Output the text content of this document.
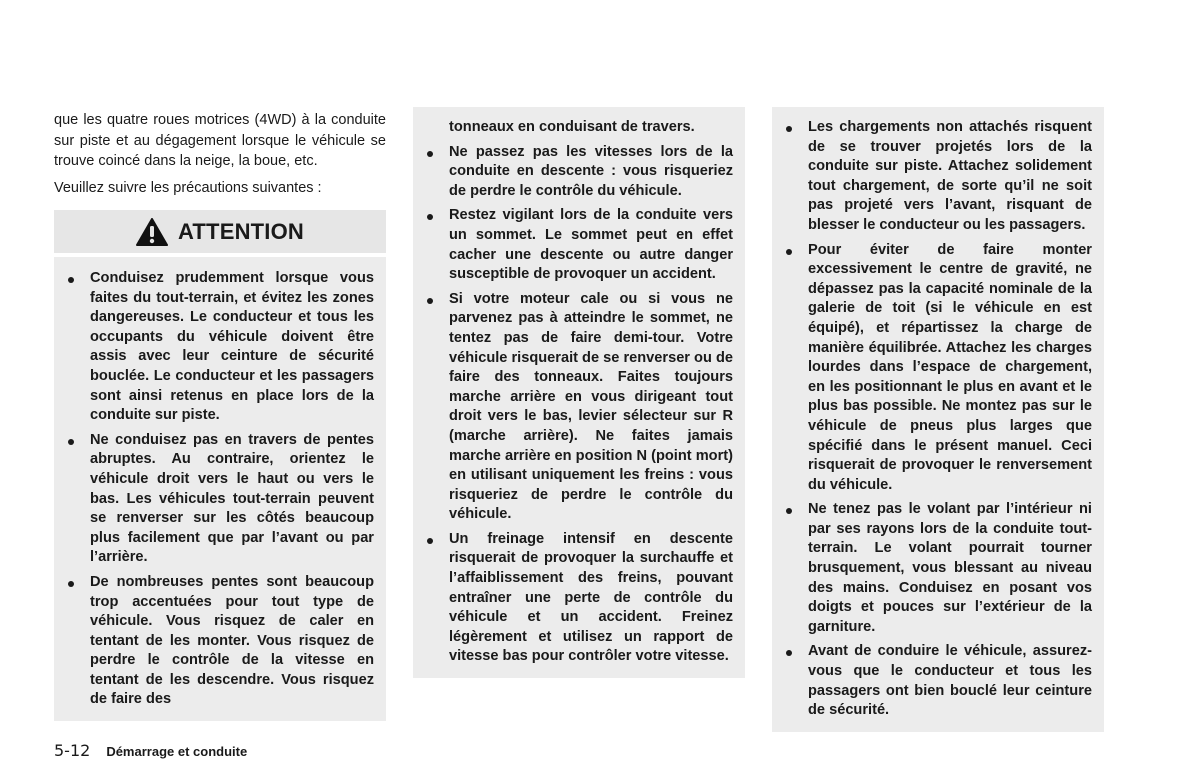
que les quatre roues motrices (4WD) à la conduite sur piste et au dégagement lorsque le véhicule se trouve coincé dans la neige, la boue, etc.

Veuillez suivre les précautions suivantes :

ATTENTION
Conduisez prudemment lorsque vous faites du tout-terrain, et évitez les zones dangereuses. Le conducteur et tous les occupants du véhicule doivent être assis avec leur ceinture de sécurité bouclée. Le conducteur et les passagers sont ainsi retenus en place lors de la conduite sur piste.
Ne conduisez pas en travers de pentes abruptes. Au contraire, orientez le véhicule droit vers le haut ou vers le bas. Les véhicules tout-terrain peuvent se renverser sur les côtés beaucoup plus facilement que par l’avant ou par l’arrière.
De nombreuses pentes sont beaucoup trop accentuées pour tout type de véhicule. Vous risquez de caler en tentant de les monter. Vous risquez de perdre le contrôle de la vitesse en tentant de les descendre. Vous risquez de faire des
5-12 Démarrage et conduite
tonneaux en conduisant de travers.
Ne passez pas les vitesses lors de la conduite en descente : vous risqueriez de perdre le contrôle du véhicule.
Restez vigilant lors de la conduite vers un sommet. Le sommet peut en effet cacher une descente ou autre danger susceptible de provoquer un accident.
Si votre moteur cale ou si vous ne parvenez pas à atteindre le sommet, ne tentez pas de faire demi-tour. Votre véhicule risquerait de se renverser ou de faire des tonneaux. Faites toujours marche arrière en vous dirigeant tout droit vers le bas, levier sélecteur sur R (marche arrière). Ne faites jamais marche arrière en position N (point mort) en utilisant uniquement les freins : vous risqueriez de perdre le contrôle du véhicule.
Un freinage intensif en descente risquerait de provoquer la surchauffe et l’affaiblissement des freins, pouvant entraîner une perte de contrôle du véhicule et un accident. Freinez légèrement et utilisez un rapport de vitesse bas pour contrôler votre vitesse.
Les chargements non attachés risquent de se trouver projetés lors de la conduite sur piste. Attachez solidement tout chargement, de sorte qu’il ne soit pas projeté vers l’avant, risquant de blesser le conducteur ou les passagers.
Pour éviter de faire monter excessivement le centre de gravité, ne dépassez pas la capacité nominale de la galerie de toit (si le véhicule en est équipé), et répartissez la charge de manière équilibrée. Attachez les charges lourdes dans l’espace de chargement, en les positionnant le plus en avant et le plus bas possible. Ne montez pas sur le véhicule de pneus plus larges que spécifié dans le présent manuel. Ceci risquerait de provoquer le renversement du véhicule.
Ne tenez pas le volant par l’intérieur ni par ses rayons lors de la conduite tout-terrain. Le volant pourrait tourner brusquement, vous blessant au niveau des mains. Conduisez en posant vos doigts et pouces sur l’extérieur de la garniture.
Avant de conduire le véhicule, assurez-vous que le conducteur et tous les passagers ont bien bouclé leur ceinture de sécurité.
